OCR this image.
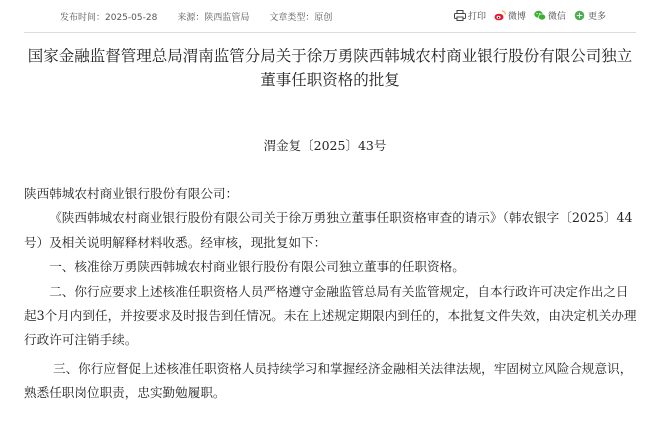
发布时间：2025-05-28 来源：陕西监管局 文章类型：原创	打印 微博 微信 更多
国家金融监督管理总局渭南监管分局关于徐万勇陕西韩城农村商业银行股份有限公司独立
董事任职资格的批复
渭金复〔2025〕43号

陕西韩城农村商业银行股份有限公司：

《陕西韩城农村商业银行股份有限公司关于徐万勇独立董事任职资格审查的请示》（韩农银字〔2025〕44号）及相关说明解释材料收悉。经审核，现批复如下：

一、核准徐万勇陕西韩城农村商业银行股份有限公司独立董事的任职资格。

二、你行应要求上述核准任职资格人员严格遵守金融监管总局有关监管规定，自本行政许可决定作出之日起3个月内到任，并按要求及时报告到任情况。未在上述规定期限内到任的，本批复文件失效，由决定机关办理行政许可注销手续。

三、你行应督促上述核准任职资格人员持续学习和掌握经济金融相关法律法规，牢固树立风险合规意识，熟悉任职岗位职责，忠实勤勉履职。
